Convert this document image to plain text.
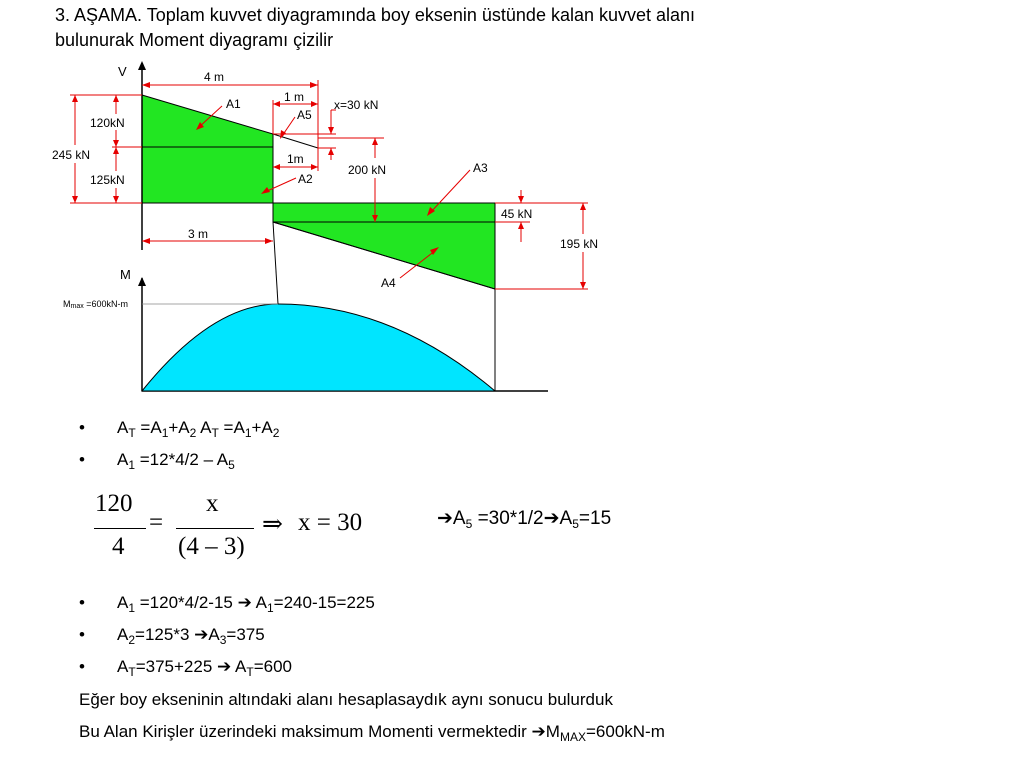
3. AŞAMA. Toplam kuvvet diyagramında boy eksenin üstünde kalan kuvvet alanı
bulunurak Moment diyagramı çizilir
V
M
Mmax =600kN-m
4 m
1 m
1m
x=30 kN
120kN
125kN
245 kN
200 kN
45 kN
195 kN
3 m
A1
A5
A2
A3
A4
• $A_T =A_1+A_2$ $A_T =A_1+A_2$
• $A_1 =12*4/2 - A_5$
120
4
=
x
(4 – 3)
⇒ x = 30	$➔A_5$ $=30*1/2➔A_5=15$
• $A_1 =120*4/2-15$ ➔ $A_1=240-15=225$
• $A_2=125*3$ $➔A_3=375$
• $A_T=375+225$ ➔ $A_T=600$
Eğer boy ekseninin altındaki alanı hesaplasaydık aynı sonucu bulurduk
Bu Alan Kirişler üzerindeki maksimum Momenti vermektedir $➔M_{MAX}=600kN-m$
